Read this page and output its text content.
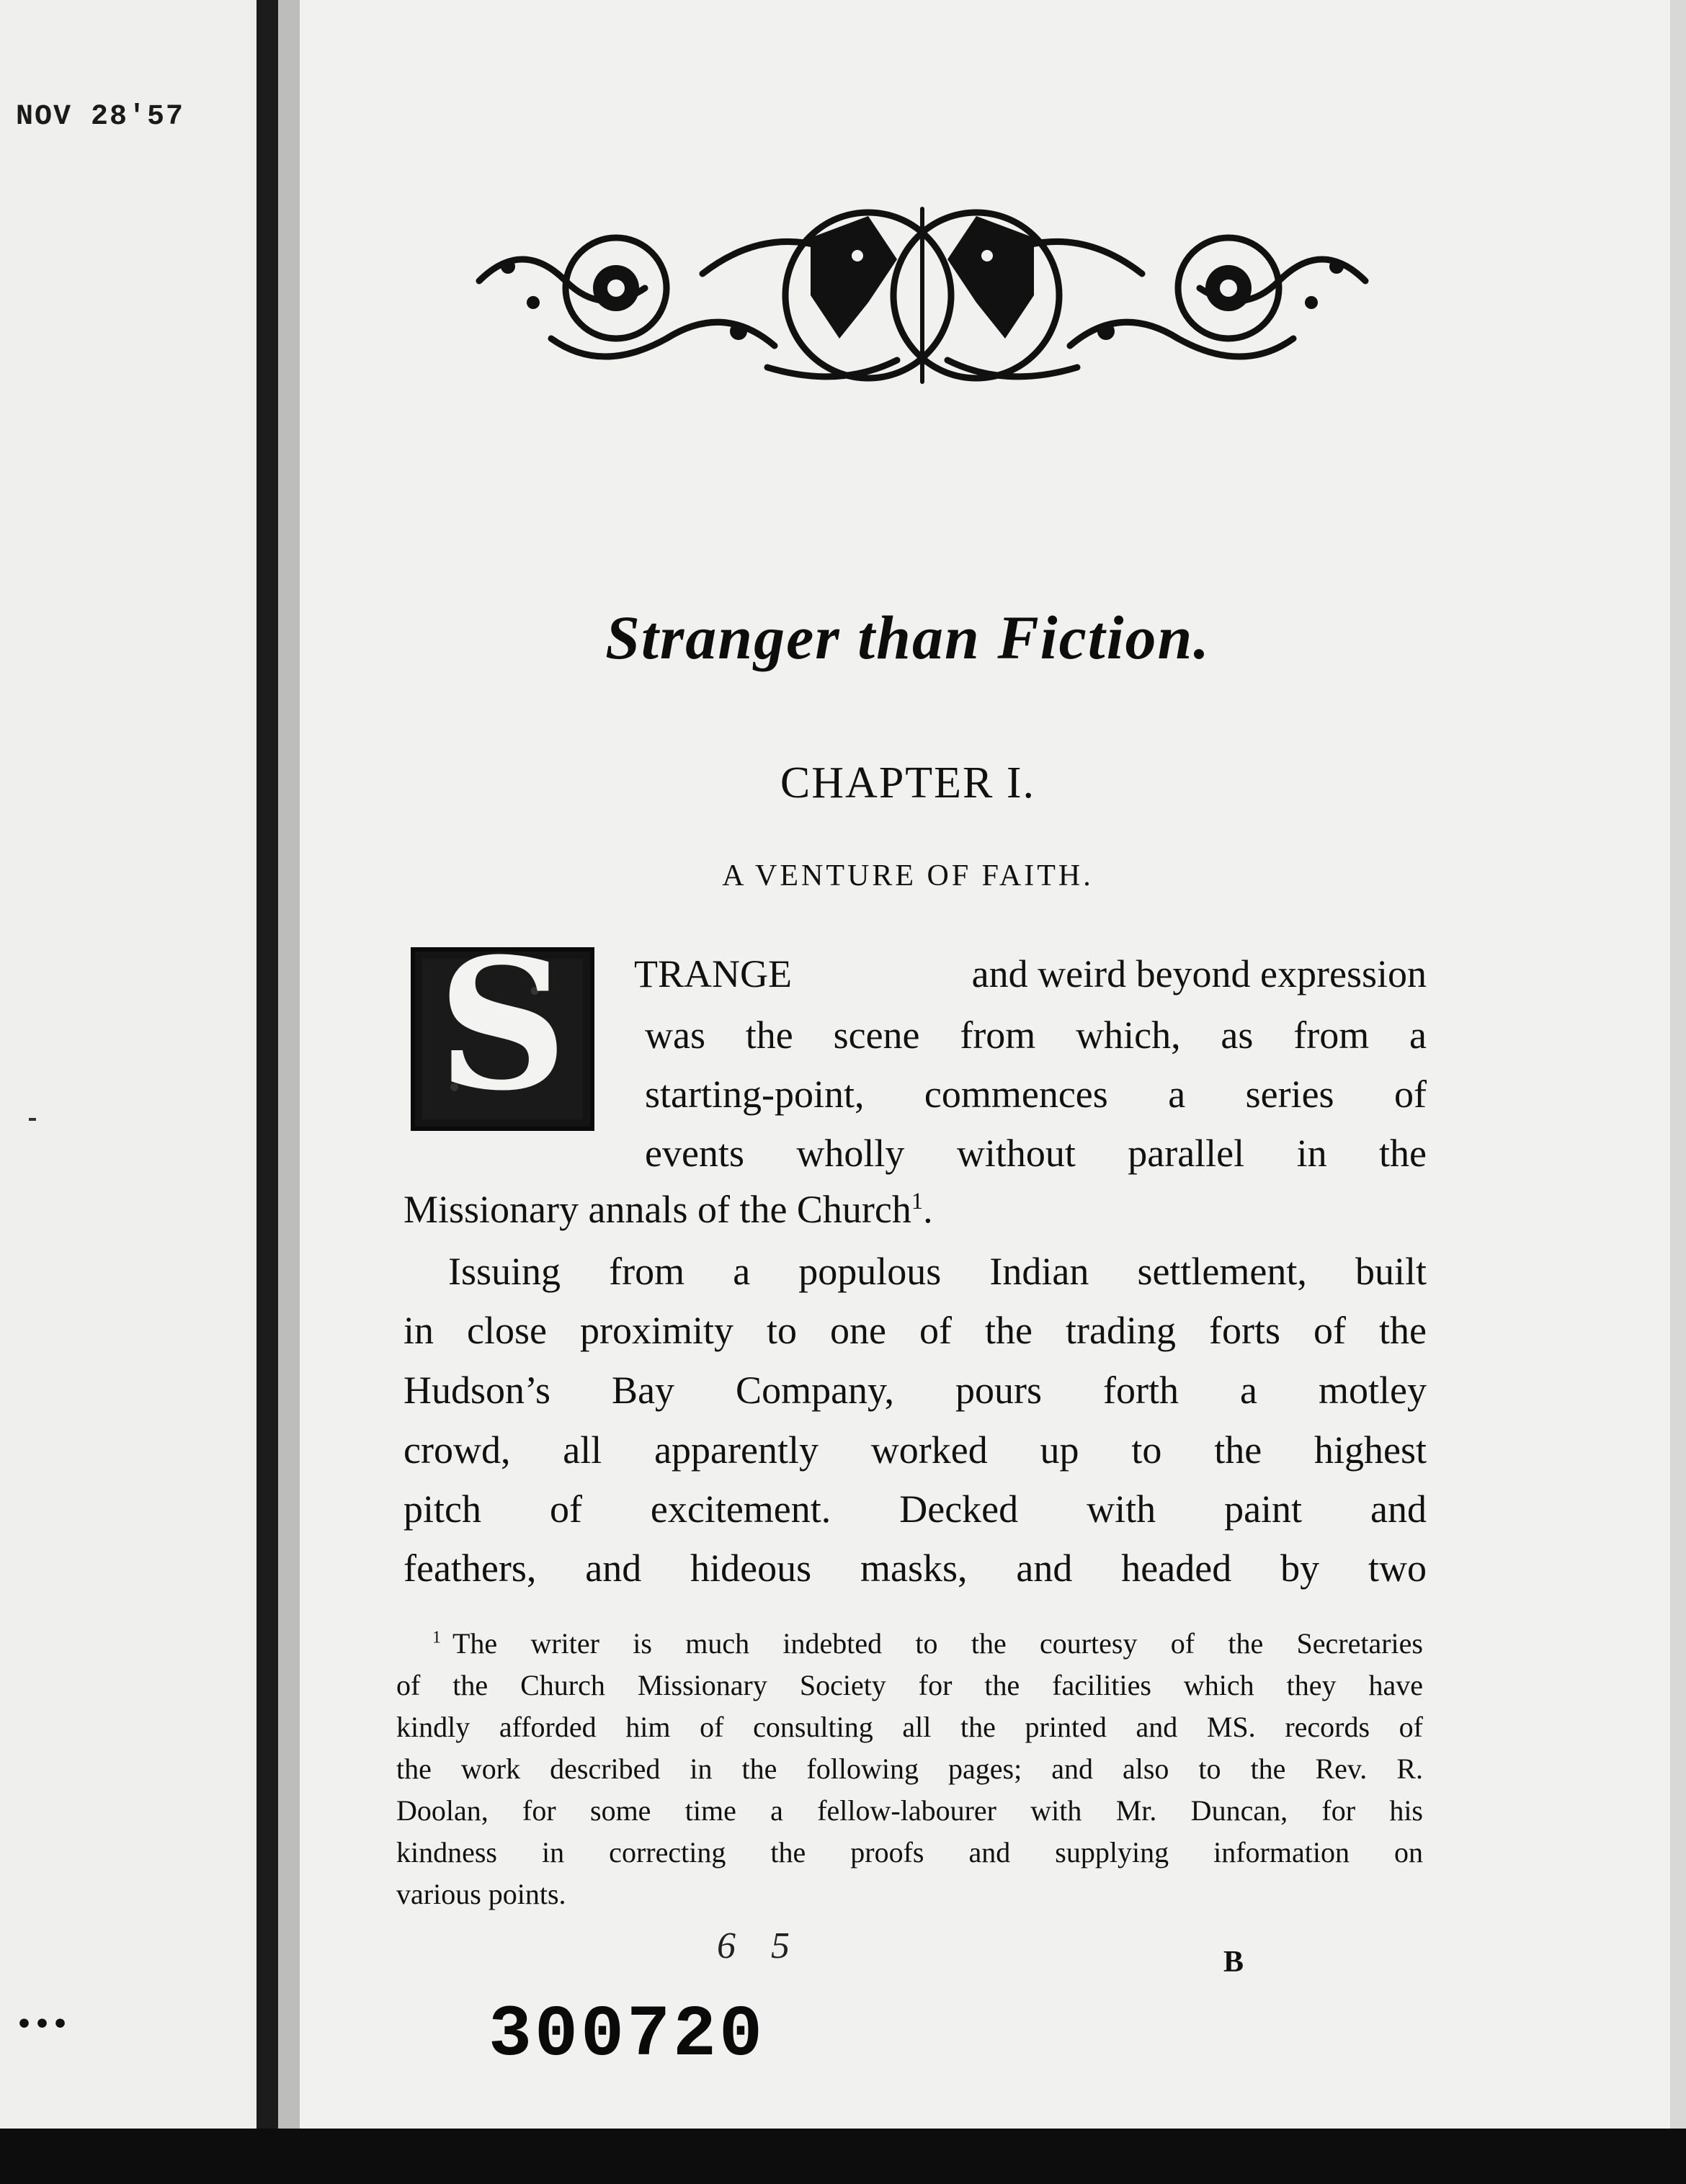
NOV 28'57
•••
Stranger than Fiction.
CHAPTER I.
A VENTURE OF FAITH.
S	TRANGE	and weird beyond expression
was the scene from which, as from a
starting-point, commences a series of
events wholly without parallel in the
Missionary annals of the Church$^1$.
Issuing from a populous Indian settlement, built
in close proximity to one of the trading forts of the
Hudson’s Bay Company, pours forth a motley
crowd, all apparently worked up to the highest
pitch of excitement. Decked with paint and
feathers, and hideous masks, and headed by two
$^1$ The writer is much indebted to the courtesy of the Secretaries
of the Church Missionary Society for the facilities which they have
kindly afforded him of consulting all the printed and MS. records of
the work described in the following pages; and also to the Rev. R.
Doolan, for some time a fellow-labourer with Mr. Duncan, for his
kindness in correcting the proofs and supplying information on
various points.
6 5	B
300720
